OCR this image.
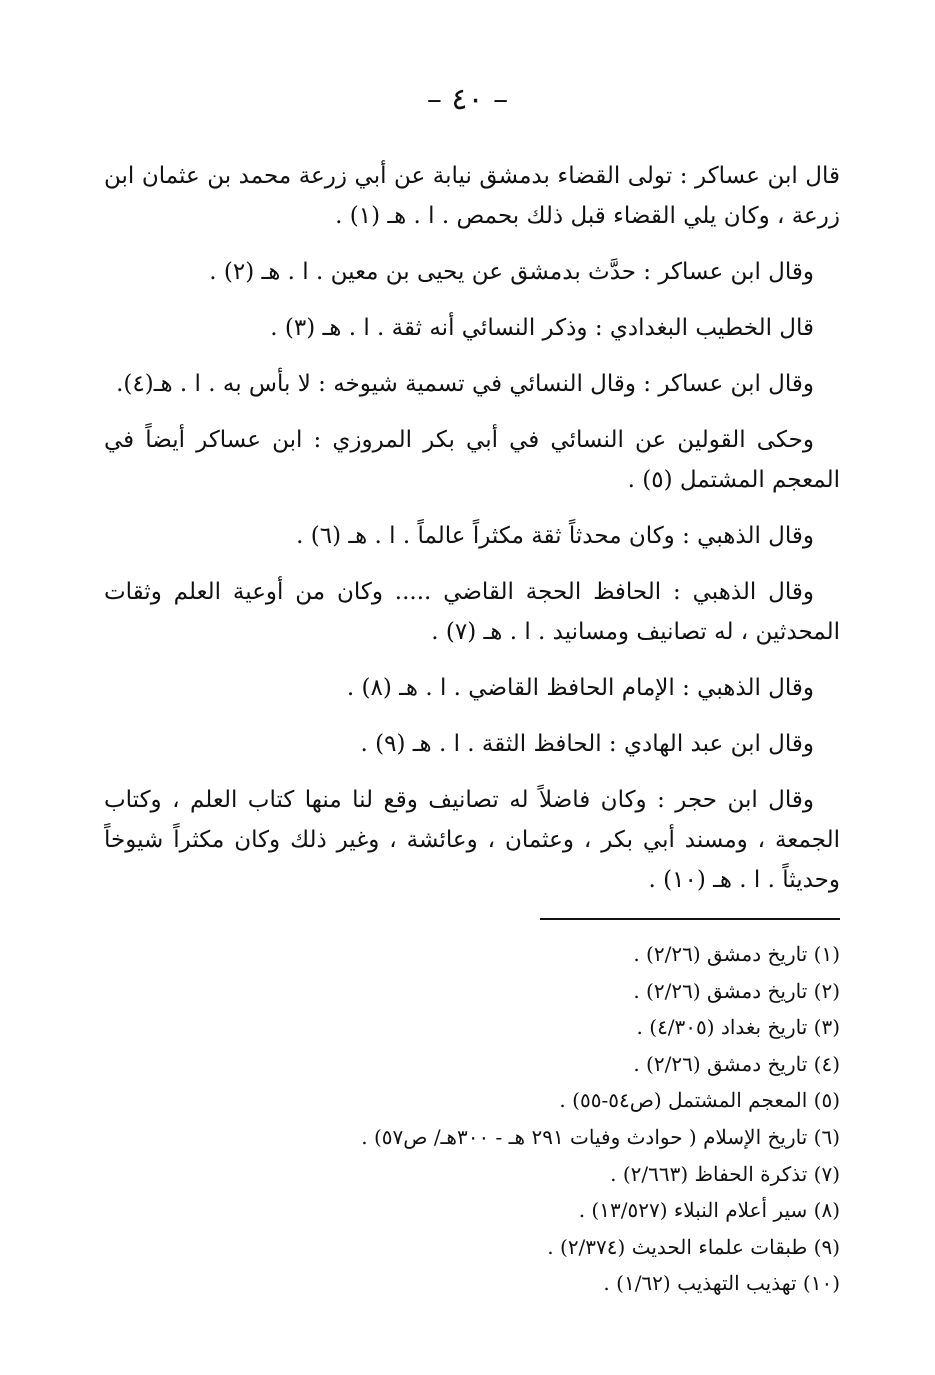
– ٤٠ –

قال ابن عساكر : تولى القضاء بدمشق نيابة عن أبي زرعة محمد بن عثمان ابن زرعة ، وكان يلي القضاء قبل ذلك بحمص . ا . هـ (١) .

وقال ابن عساكر : حدَّث بدمشق عن يحيى بن معين . ا . هـ (٢) .

قال الخطيب البغدادي : وذكر النسائي أنه ثقة . ا . هـ (٣) .

وقال ابن عساكر : وقال النسائي في تسمية شيوخه : لا بأس به . ا . هـ(٤).

وحكى القولين عن النسائي في أبي بكر المروزي : ابن عساكر أيضاً في المعجم المشتمل (٥) .

وقال الذهبي : وكان محدثاً ثقة مكثراً عالماً . ا . هـ (٦) .

وقال الذهبي : الحافظ الحجة القاضي ..... وكان من أوعية العلم وثقات المحدثين ، له تصانيف ومسانيد . ا . هـ (٧) .

وقال الذهبي : الإمام الحافظ القاضي . ا . هـ (٨) .

وقال ابن عبد الهادي : الحافظ الثقة . ا . هـ (٩) .

وقال ابن حجر : وكان فاضلاً له تصانيف وقع لنا منها كتاب العلم ، وكتاب الجمعة ، ومسند أبي بكر ، وعثمان ، وعائشة ، وغير ذلك وكان مكثراً شيوخاً وحديثاً . ا . هـ (١٠) .

(١) تاريخ دمشق (٢/٢٦) .
(٢) تاريخ دمشق (٢/٢٦) .
(٣) تاريخ بغداد (٤/٣٠٥) .
(٤) تاريخ دمشق (٢/٢٦) .
(٥) المعجم المشتمل (ص٥٤-٥٥) .
(٦) تاريخ الإسلام ( حوادث وفيات ٢٩١ هـ - ٣٠٠هـ/ ص٥٧) .
(٧) تذكرة الحفاظ (٢/٦٦٣) .
(٨) سير أعلام النبلاء (١٣/٥٢٧) .
(٩) طبقات علماء الحديث (٢/٣٧٤) .
(١٠) تهذيب التهذيب (١/٦٢) .
